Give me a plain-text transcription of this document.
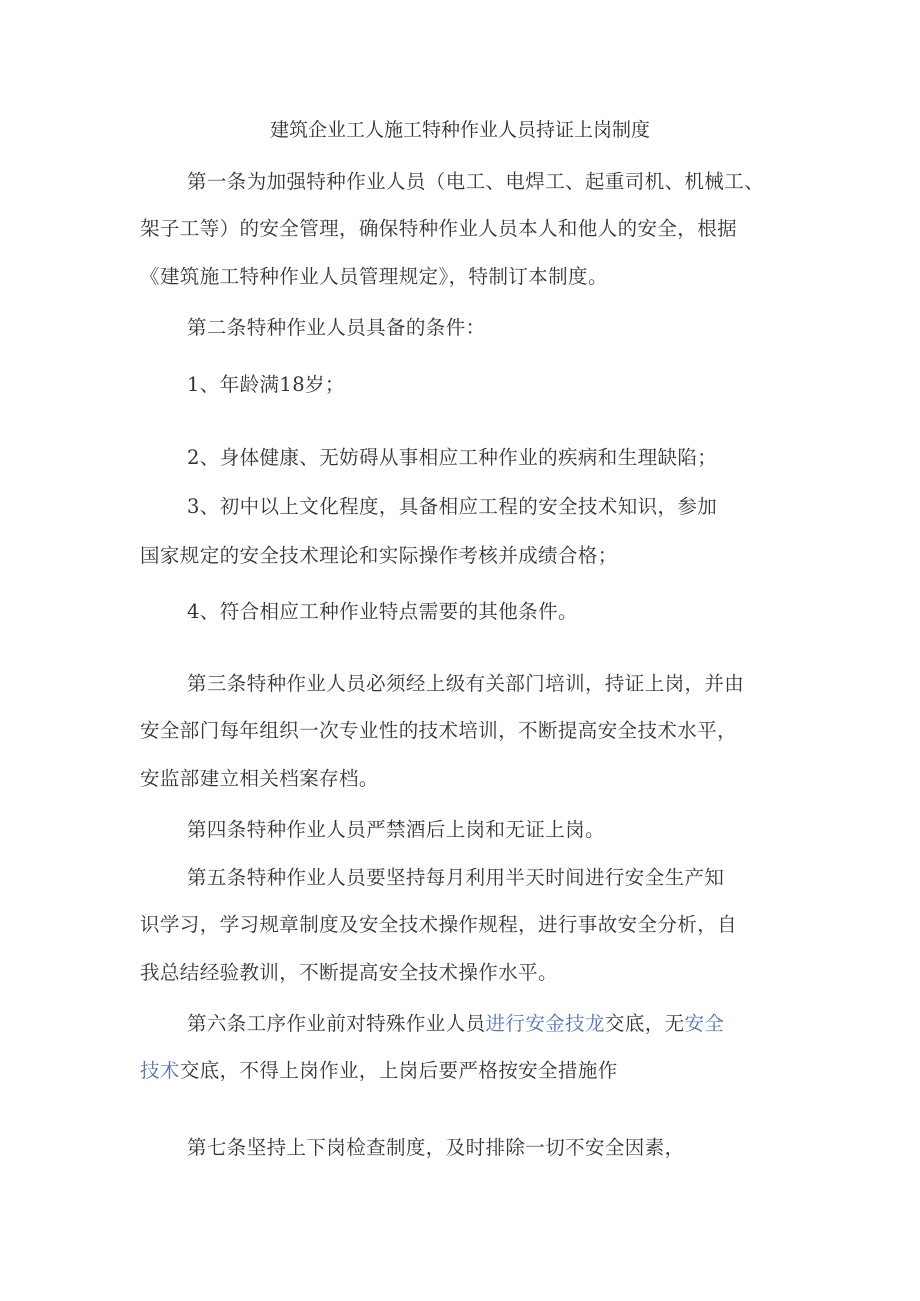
建筑企业工人施工特种作业人员持证上岗制度
第一条为加强特种作业人员（电工、电焊工、起重司机、机械工、
架子工等）的安全管理，确保特种作业人员本人和他人的安全，根据
《建筑施工特种作业人员管理规定》，特制订本制度。
第二条特种作业人员具备的条件：
1、年龄满18岁；
2、身体健康、无妨碍从事相应工种作业的疾病和生理缺陷；
3、初中以上文化程度，具备相应工程的安全技术知识，参加
国家规定的安全技术理论和实际操作考核并成绩合格；
4、符合相应工种作业特点需要的其他条件。
第三条特种作业人员必须经上级有关部门培训，持证上岗，并由
安全部门每年组织一次专业性的技术培训，不断提高安全技术水平，
安监部建立相关档案存档。
第四条特种作业人员严禁酒后上岗和无证上岗。
第五条特种作业人员要坚持每月利用半天时间进行安全生产知
识学习，学习规章制度及安全技术操作规程，进行事故安全分析，自
我总结经验教训，不断提高安全技术操作水平。
第六条工序作业前对特殊作业人员进行安金技龙交底，无安全
技术交底，不得上岗作业，上岗后要严格按安全措施作
第七条坚持上下岗检查制度，及时排除一切不安全因素，
